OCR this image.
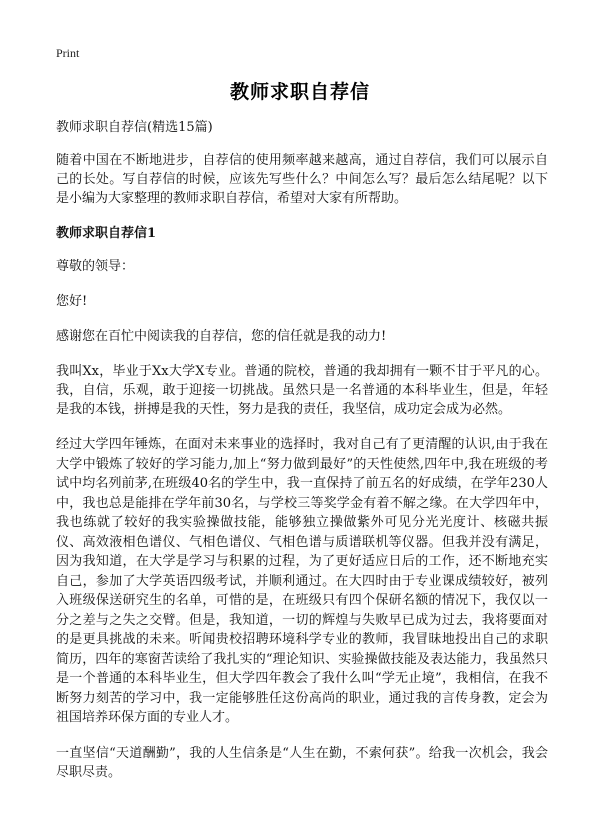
Print
教师求职自荐信

教师求职自荐信(精选15篇)

随着中国在不断地进步，自荐信的使用频率越来越高，通过自荐信，我们可以展示自己的长处。写自荐信的时候，应该先写些什么？中间怎么写？最后怎么结尾呢？以下是小编为大家整理的教师求职自荐信，希望对大家有所帮助。

教师求职自荐信1

尊敬的领导：

您好!

感谢您在百忙中阅读我的自荐信，您的信任就是我的动力!

我叫Xx，毕业于Xx大学X专业。普通的院校，普通的我却拥有一颗不甘于平凡的心。我，自信，乐观，敢于迎接一切挑战。虽然只是一名普通的本科毕业生，但是，年轻是我的本钱，拼搏是我的天性，努力是我的责任，我坚信，成功定会成为必然。

经过大学四年锤炼，在面对未来事业的选择时，我对自己有了更清醒的认识,由于我在大学中锻炼了较好的学习能力,加上“努力做到最好”的天性使然,四年中,我在班级的考试中均名列前茅,在班级40名的学生中，我一直保持了前五名的好成绩，在学年230人中，我也总是能排在学年前30名，与学校三等奖学金有着不解之缘。在大学四年中，我也练就了较好的我实验操做技能，能够独立操做紫外可见分光光度计、核磁共振仪、高效液相色谱仪、气相色谱仪、气相色谱与质谱联机等仪器。但我并没有满足，因为我知道，在大学是学习与积累的过程，为了更好适应日后的工作，还不断地充实自己，参加了大学英语四级考试，并顺利通过。在大四时由于专业课成绩较好，被列入班级保送研究生的名单，可惜的是，在班级只有四个保研名额的情况下，我仅以一分之差与之失之交臂。但是，我知道，一切的辉煌与失败早已成为过去，我将要面对的是更具挑战的未来。听闻贵校招聘环境科学专业的教师，我冒昧地投出自己的求职简历，四年的寒窗苦读给了我扎实的“理论知识、实验操做技能及表达能力，我虽然只是一个普通的本科毕业生，但大学四年教会了我什么叫“学无止境”，我相信，在我不断努力刻苦的学习中，我一定能够胜任这份高尚的职业，通过我的言传身教，定会为祖国培养环保方面的专业人才。

一直坚信“天道酬勤”，我的人生信条是“人生在勤，不索何获”。给我一次机会，我会尽职尽责。
